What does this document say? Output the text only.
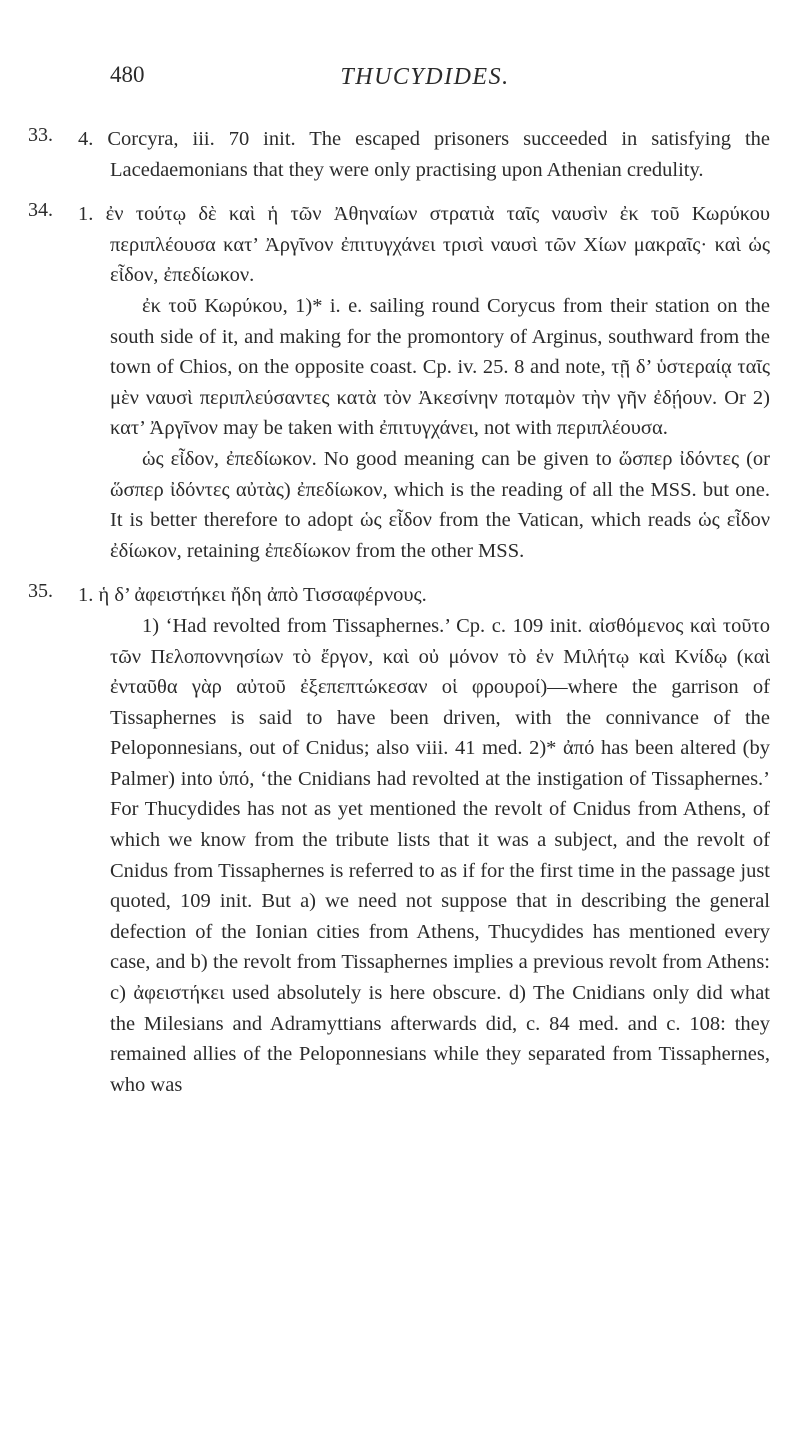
480	THUCYDIDES.
33. 4. Corcyra, iii. 70 init. The escaped prisoners succeeded in satisfying the Lacedaemonians that they were only practising upon Athenian credulity.

34. 1. ἐν τούτῳ δὲ καὶ ἡ τῶν Ἀθηναίων στρατιὰ ταῖς ναυσὶν ἐκ τοῦ Κωρύκου περιπλέουσα κατ’ Ἀργῖνον ἐπιτυγχάνει τρισὶ ναυσὶ τῶν Χίων μακραῖς· καὶ ὡς εἶδον, ἐπεδίωκον.

ἐκ τοῦ Κωρύκου, 1)* i. e. sailing round Corycus from their station on the south side of it, and making for the promontory of Arginus, southward from the town of Chios, on the opposite coast. Cp. iv. 25. 8 and note, τῇ δ’ ὑστεραίᾳ ταῖς μὲν ναυσὶ περιπλεύσαντες κατὰ τὸν Ἀκεσίνην ποταμὸν τὴν γῆν ἐδῄουν. Or 2) κατ’ Ἀργῖνον may be taken with ἐπιτυγχάνει, not with περιπλέουσα.

ὡς εἶδον, ἐπεδίωκον. No good meaning can be given to ὥσπερ ἰδόντες (or ὥσπερ ἰδόντες αὐτὰς) ἐπεδίωκον, which is the reading of all the MSS. but one. It is better therefore to adopt ὡς εἶδον from the Vatican, which reads ὡς εἶδον ἐδίωκον, retaining ἐπεδίωκον from the other MSS.

35. 1. ἡ δ’ ἀφειστήκει ἤδη ἀπὸ Τισσαφέρνους.

1) ‘Had revolted from Tissaphernes.’ Cp. c. 109 init. αἰσθόμενος καὶ τοῦτο τῶν Πελοποννησίων τὸ ἔργον, καὶ οὐ μόνον τὸ ἐν Μιλήτῳ καὶ Κνίδῳ (καὶ ἐνταῦθα γὰρ αὐτοῦ ἐξεπεπτώκεσαν οἱ φρουροί)—where the garrison of Tissaphernes is said to have been driven, with the connivance of the Peloponnesians, out of Cnidus; also viii. 41 med. 2)* ἀπό has been altered (by Palmer) into ὑπό, ‘the Cnidians had revolted at the instigation of Tissaphernes.’ For Thucydides has not as yet mentioned the revolt of Cnidus from Athens, of which we know from the tribute lists that it was a subject, and the revolt of Cnidus from Tissaphernes is referred to as if for the first time in the passage just quoted, 109 init. But a) we need not suppose that in describing the general defection of the Ionian cities from Athens, Thucydides has mentioned every case, and b) the revolt from Tissaphernes implies a previous revolt from Athens: c) ἀφειστήκει used absolutely is here obscure. d) The Cnidians only did what the Milesians and Adramyttians afterwards did, c. 84 med. and c. 108: they remained allies of the Peloponnesians while they separated from Tissaphernes, who was
